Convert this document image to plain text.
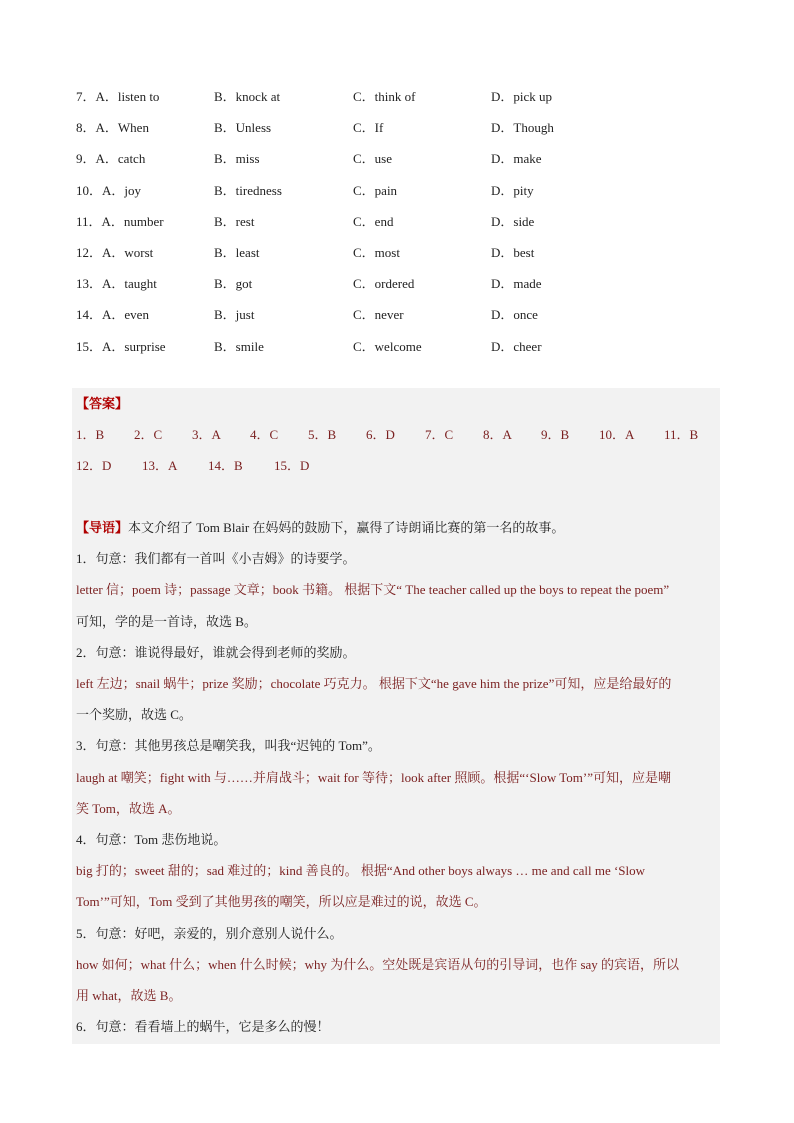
7．A．listen to	B．knock at	C．think of	D．pick up
8．A．When	B．Unless	C．If	D．Though
9．A．catch	B．miss	C．use	D．make
10．A．joy	B．tiredness	C．pain	D．pity
11．A．number	B．rest	C．end	D．side
12．A．worst	B．least	C．most	D．best
13．A．taught	B．got	C．ordered	D．made
14．A．even	B．just	C．never	D．once
15．A．surprise	B．smile	C．welcome	D．cheer
【答案】
1．B	2．C	3．A	4．C	5．B	6．D	7．C	8．A	9．B	10．A	11．B
12．D	13．A	14．B	15．D
【导语】本文介绍了 Tom Blair 在妈妈的鼓励下，赢得了诗朗诵比赛的第一名的故事。
1．句意：我们都有一首叫《小吉姆》的诗要学。
letter 信；poem 诗；passage 文章；book 书籍。 根据下文“ The teacher called up the boys to repeat the poem”
可知，学的是一首诗，故选 B。
2．句意：谁说得最好，谁就会得到老师的奖励。
left 左边；snail 蜗牛；prize 奖励；chocolate 巧克力。 根据下文“he gave him the prize”可知，应是给最好的
一个奖励，故选 C。
3．句意：其他男孩总是嘲笑我，叫我“迟钝的 Tom”。
laugh at 嘲笑；fight with 与……并肩战斗；wait for 等待；look after 照顾。根据“‘Slow Tom’”可知，应是嘲
笑 Tom，故选 A。
4．句意：Tom 悲伤地说。
big 打的；sweet 甜的；sad 难过的；kind 善良的。 根据“And other boys always … me and call me ‘Slow
Tom’”可知，Tom 受到了其他男孩的嘲笑，所以应是难过的说，故选 C。
5．句意：好吧，亲爱的，别介意别人说什么。
how 如何；what 什么；when 什么时候；why 为什么。空处既是宾语从句的引导词，也作 say 的宾语，所以
用 what，故选 B。
6．句意：看看墙上的蜗牛，它是多么的慢！
